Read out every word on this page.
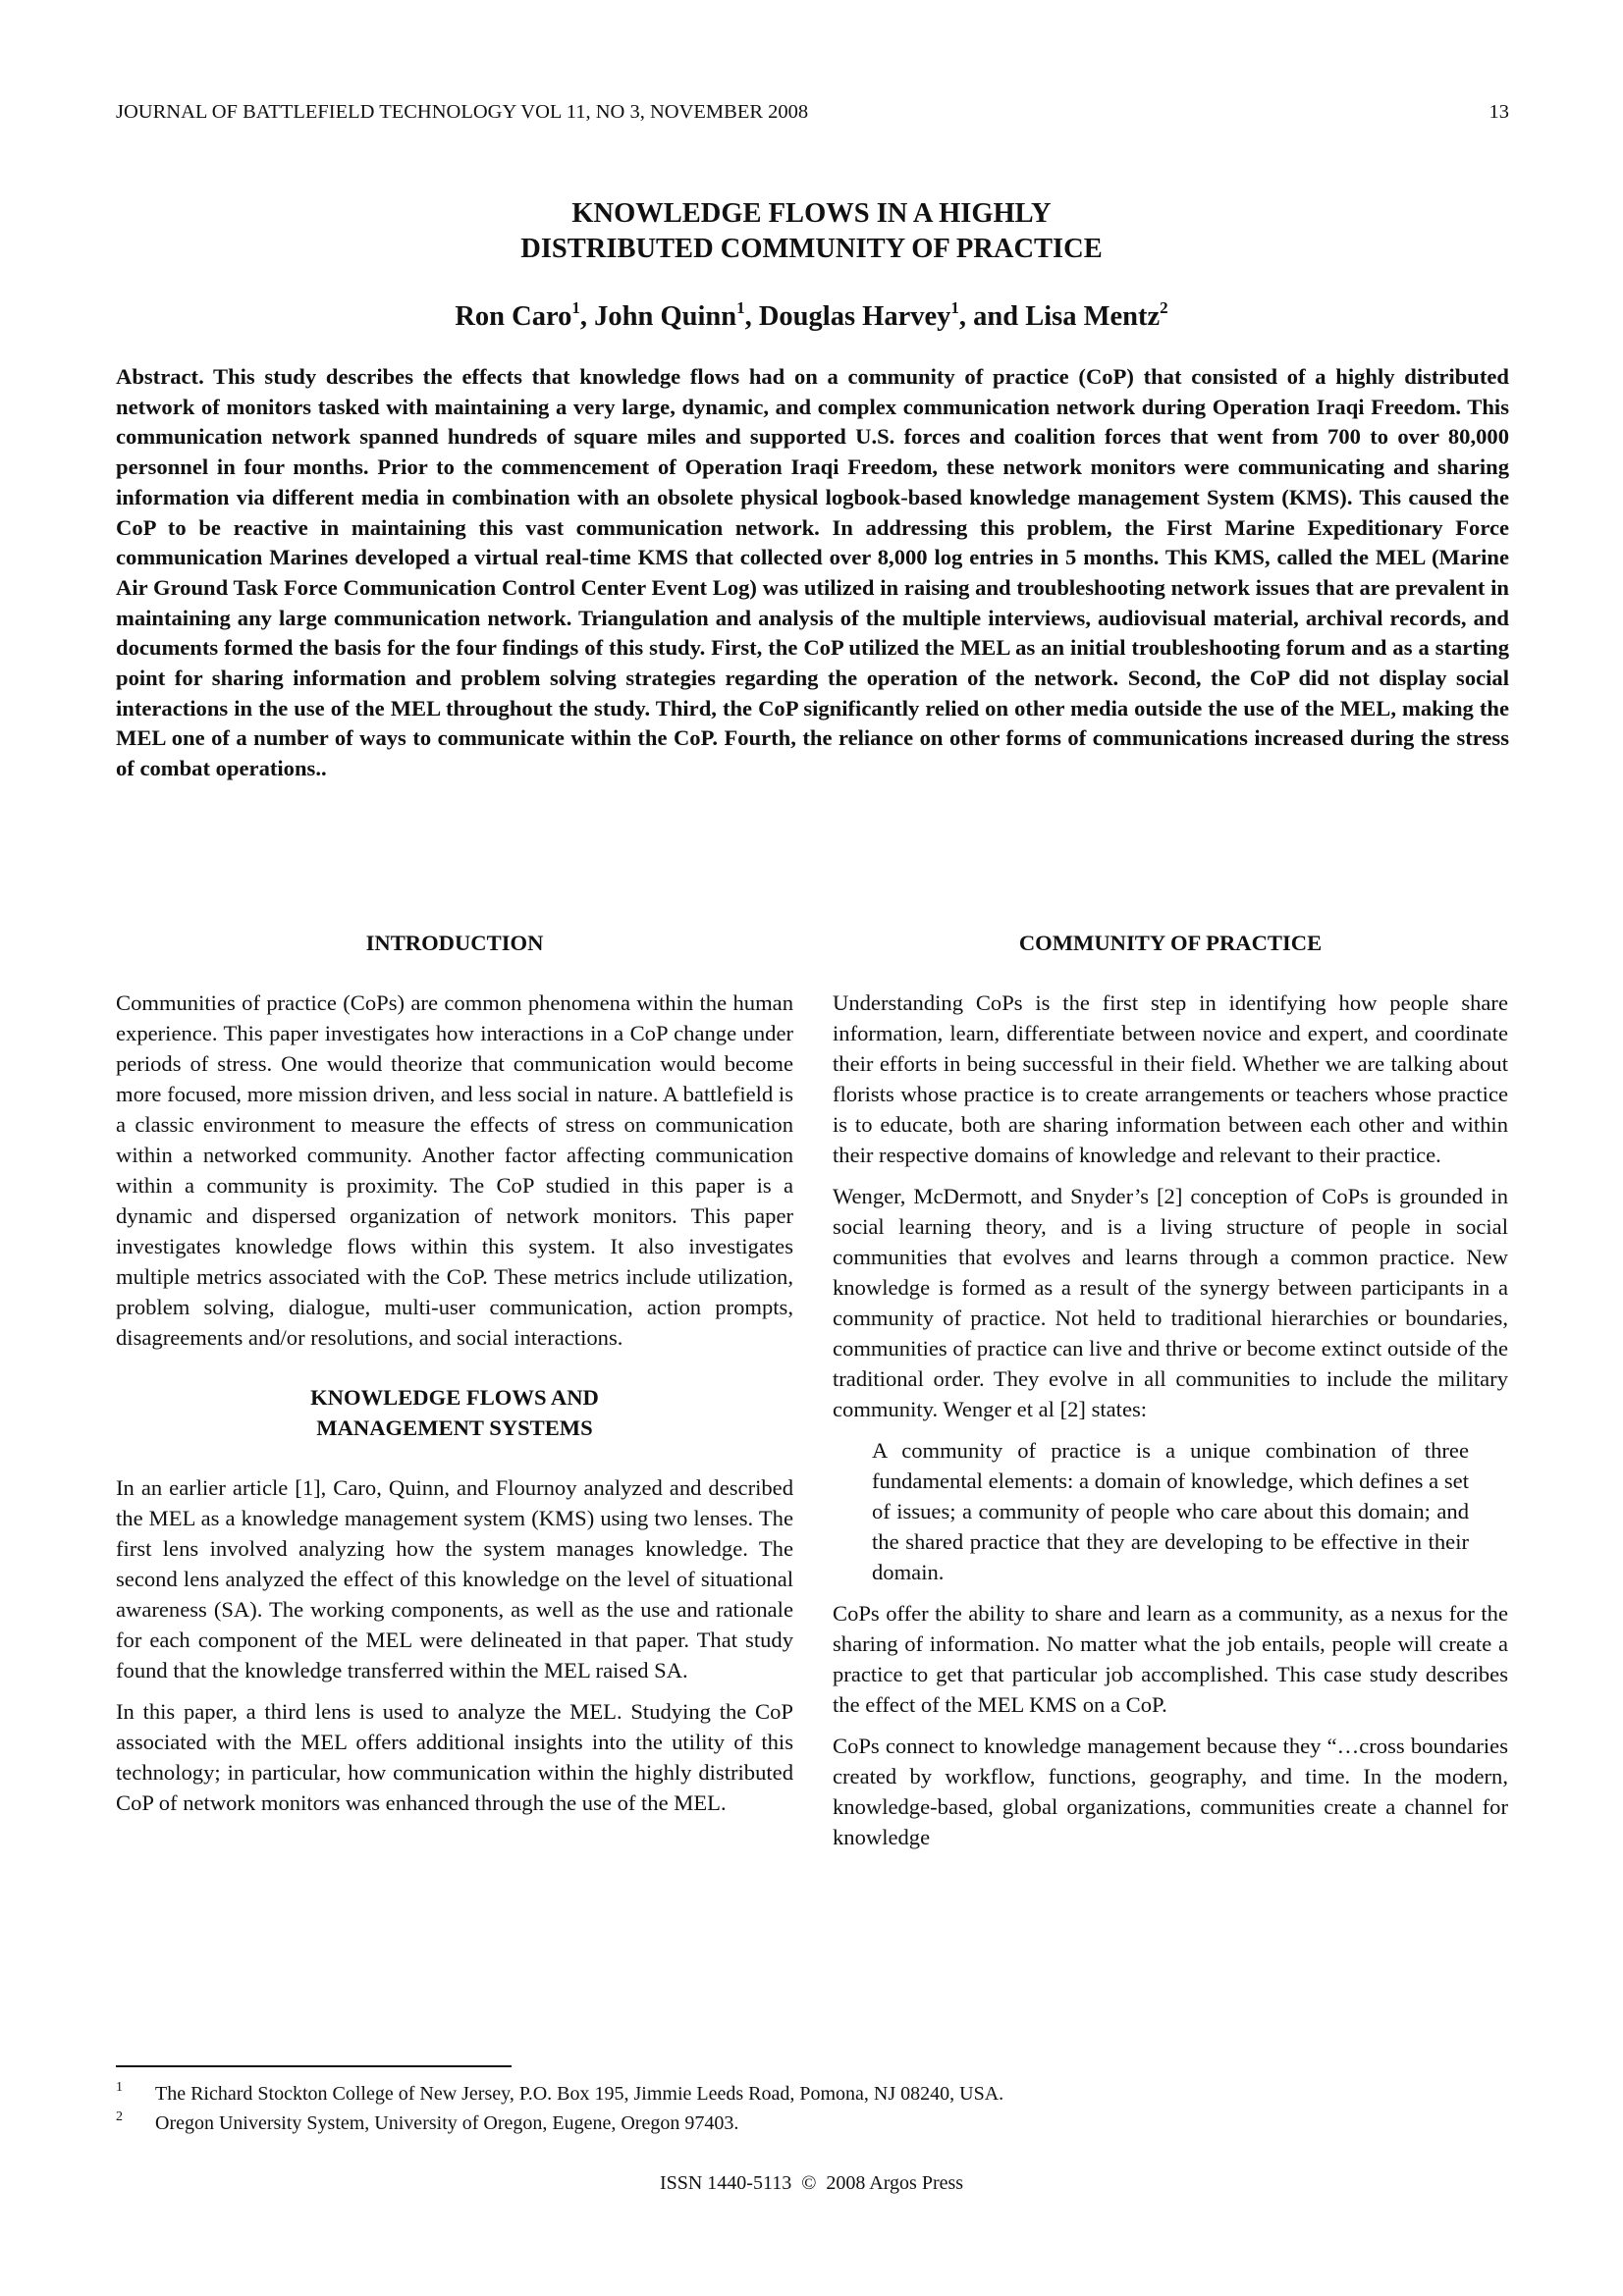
JOURNAL OF BATTLEFIELD TECHNOLOGY VOL 11, NO 3, NOVEMBER 2008	13
KNOWLEDGE FLOWS IN A HIGHLY
DISTRIBUTED COMMUNITY OF PRACTICE
Ron Caro$^1$, John Quinn$^1$, Douglas Harvey$^1$, and Lisa Mentz$^2$
Abstract. This study describes the effects that knowledge flows had on a community of practice (CoP) that consisted of a highly distributed network of monitors tasked with maintaining a very large, dynamic, and complex communication network during Operation Iraqi Freedom. This communication network spanned hundreds of square miles and supported U.S. forces and coalition forces that went from 700 to over 80,000 personnel in four months. Prior to the commencement of Operation Iraqi Freedom, these network monitors were communicating and sharing information via different media in combination with an obsolete physical logbook-based knowledge management System (KMS). This caused the CoP to be reactive in maintaining this vast communication network. In addressing this problem, the First Marine Expeditionary Force communication Marines developed a virtual real-time KMS that collected over 8,000 log entries in 5 months. This KMS, called the MEL (Marine Air Ground Task Force Communication Control Center Event Log) was utilized in raising and troubleshooting network issues that are prevalent in maintaining any large communication network. Triangulation and analysis of the multiple interviews, audiovisual material, archival records, and documents formed the basis for the four findings of this study. First, the CoP utilized the MEL as an initial troubleshooting forum and as a starting point for sharing information and problem solving strategies regarding the operation of the network. Second, the CoP did not display social interactions in the use of the MEL throughout the study. Third, the CoP significantly relied on other media outside the use of the MEL, making the MEL one of a number of ways to communicate within the CoP. Fourth, the reliance on other forms of communications increased during the stress of combat operations..
INTRODUCTION

Communities of practice (CoPs) are common phenomena within the human experience. This paper investigates how interactions in a CoP change under periods of stress. One would theorize that communication would become more focused, more mission driven, and less social in nature. A battlefield is a classic environment to measure the effects of stress on communication within a networked community. Another factor affecting communication within a community is proximity. The CoP studied in this paper is a dynamic and dispersed organization of network monitors. This paper investigates knowledge flows within this system. It also investigates multiple metrics associated with the CoP. These metrics include utilization, problem solving, dialogue, multi-user communication, action prompts, disagreements and/or resolutions, and social interactions.

KNOWLEDGE FLOWS AND
MANAGEMENT SYSTEMS

In an earlier article [1], Caro, Quinn, and Flournoy analyzed and described the MEL as a knowledge management system (KMS) using two lenses. The first lens involved analyzing how the system manages knowledge. The second lens analyzed the effect of this knowledge on the level of situational awareness (SA). The working components, as well as the use and rationale for each component of the MEL were delineated in that paper. That study found that the knowledge transferred within the MEL raised SA.

In this paper, a third lens is used to analyze the MEL. Studying the CoP associated with the MEL offers additional insights into the utility of this technology; in particular, how communication within the highly distributed CoP of network monitors was enhanced through the use of the MEL.

COMMUNITY OF PRACTICE

Understanding CoPs is the first step in identifying how people share information, learn, differentiate between novice and expert, and coordinate their efforts in being successful in their field. Whether we are talking about florists whose practice is to create arrangements or teachers whose practice is to educate, both are sharing information between each other and within their respective domains of knowledge and relevant to their practice.

Wenger, McDermott, and Snyder’s [2] conception of CoPs is grounded in social learning theory, and is a living structure of people in social communities that evolves and learns through a common practice. New knowledge is formed as a result of the synergy between participants in a community of practice. Not held to traditional hierarchies or boundaries, communities of practice can live and thrive or become extinct outside of the traditional order. They evolve in all communities to include the military community. Wenger et al [2] states:

A community of practice is a unique combination of three fundamental elements: a domain of knowledge, which defines a set of issues; a community of people who care about this domain; and the shared practice that they are developing to be effective in their domain.

CoPs offer the ability to share and learn as a community, as a nexus for the sharing of information. No matter what the job entails, people will create a practice to get that particular job accomplished. This case study describes the effect of the MEL KMS on a CoP.

CoPs connect to knowledge management because they “…cross boundaries created by workflow, functions, geography, and time. In the modern, knowledge-based, global organizations, communities create a channel for knowledge

1 The Richard Stockton College of New Jersey, P.O. Box 195, Jimmie Leeds Road, Pomona, NJ 08240, USA.
2 Oregon University System, University of Oregon, Eugene, Oregon 97403.
ISSN 1440-5113  ©  2008 Argos Press
